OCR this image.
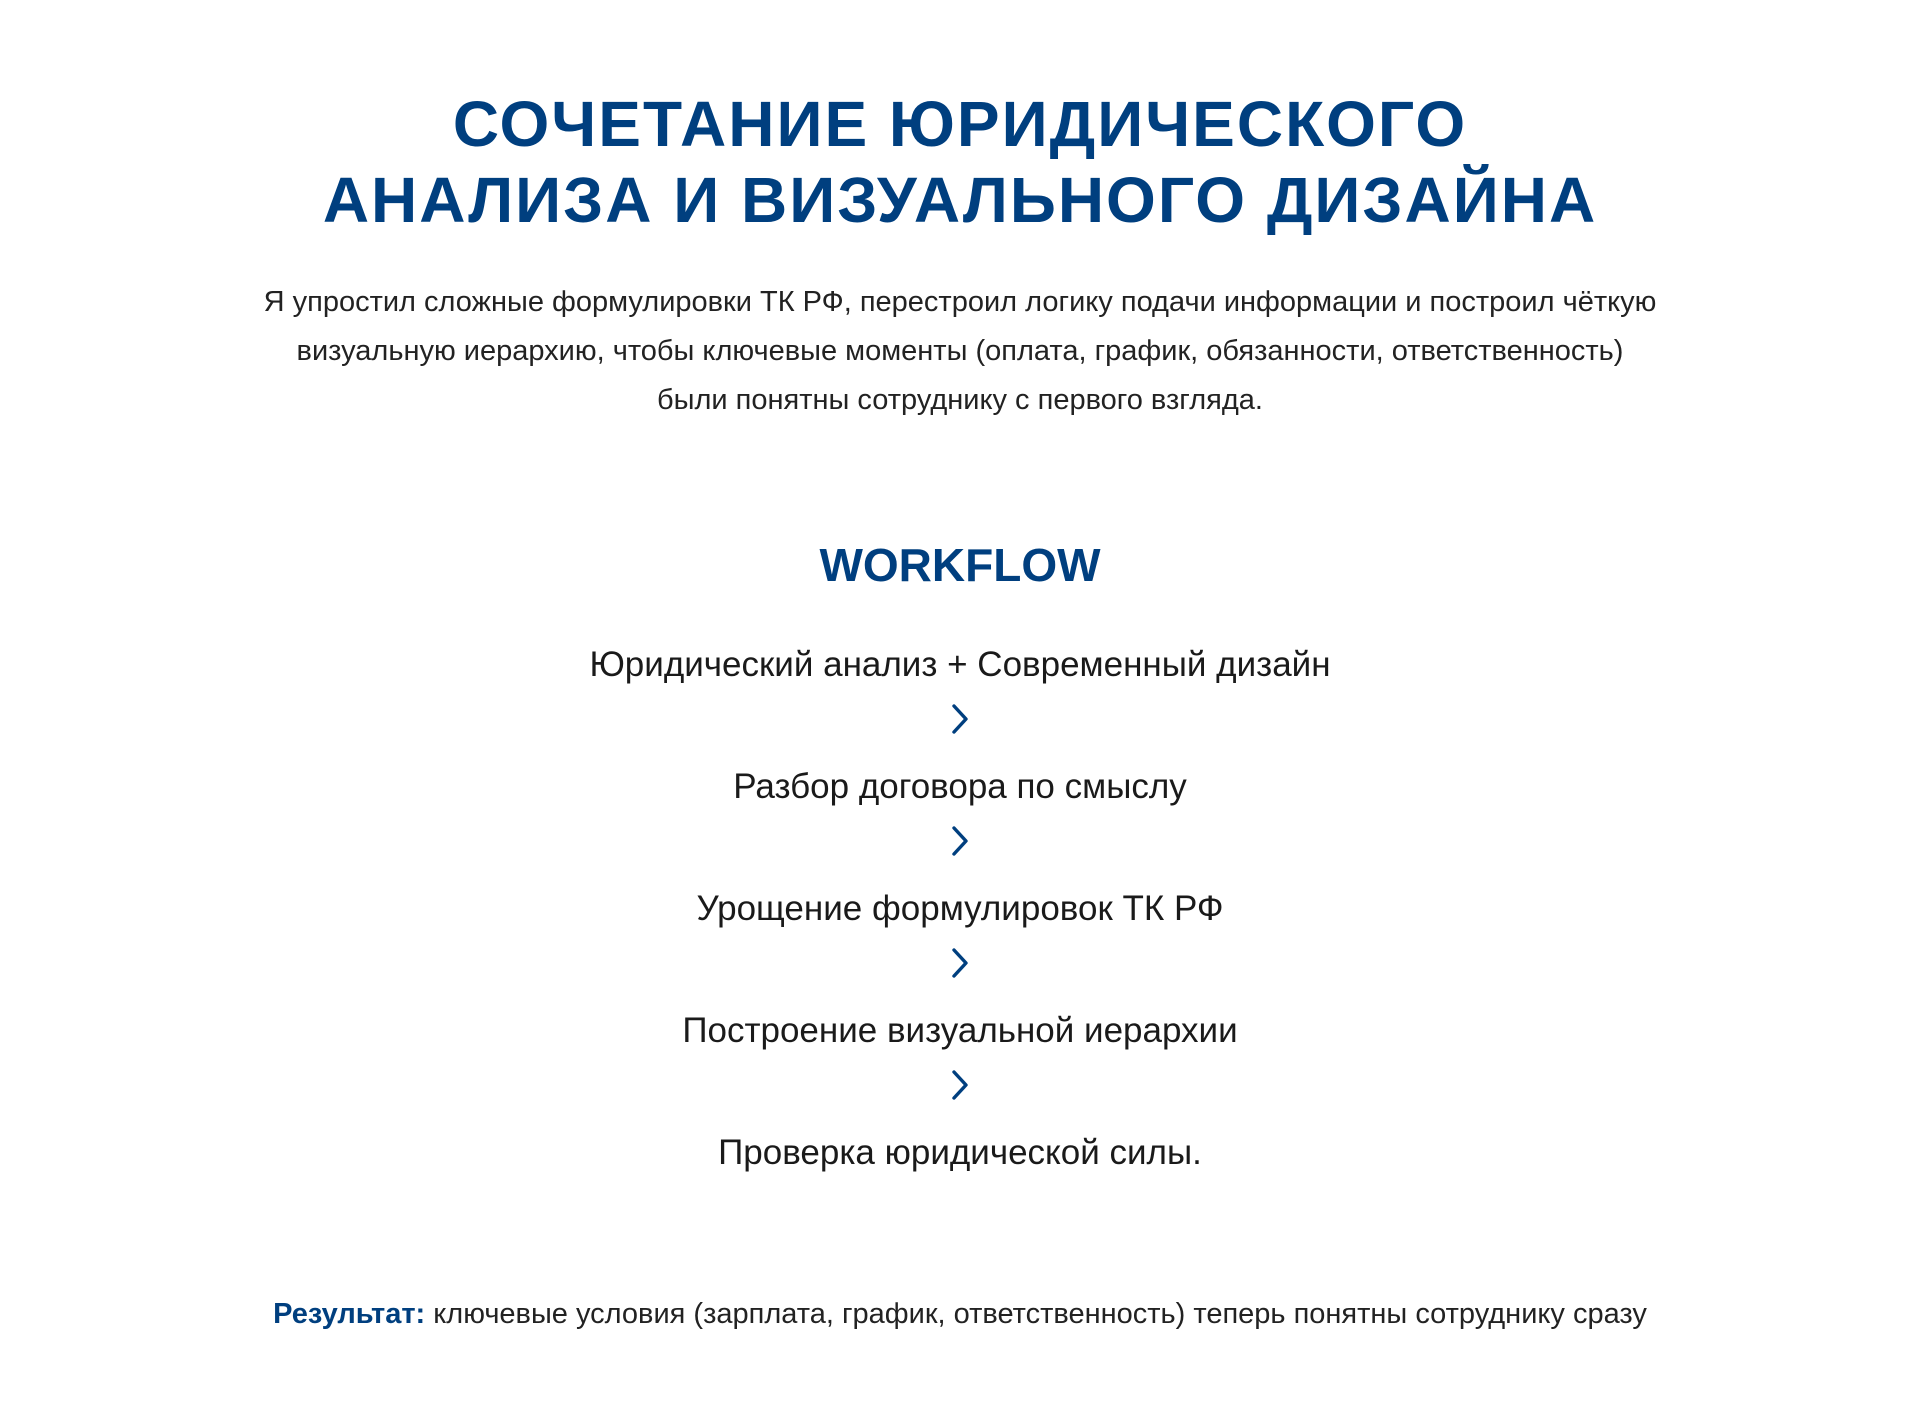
СОЧЕТАНИЕ ЮРИДИЧЕСКОГО
АНАЛИЗА И ВИЗУАЛЬНОГО ДИЗАЙНА

Я упростил сложные формулировки ТК РФ, перестроил логику подачи информации и построил чёткую
визуальную иерархию, чтобы ключевые моменты (оплата, график, обязанности, ответственность)
были понятны сотруднику с первого взгляда.

WORKFLOW
Юридический анализ + Современный дизайн
Разбор договора по смыслу
Урощение формулировок ТК РФ
Построение визуальной иерархии
Проверка юридической силы.

Результат: ключевые условия (зарплата, график, ответственность) теперь понятны сотруднику сразу
